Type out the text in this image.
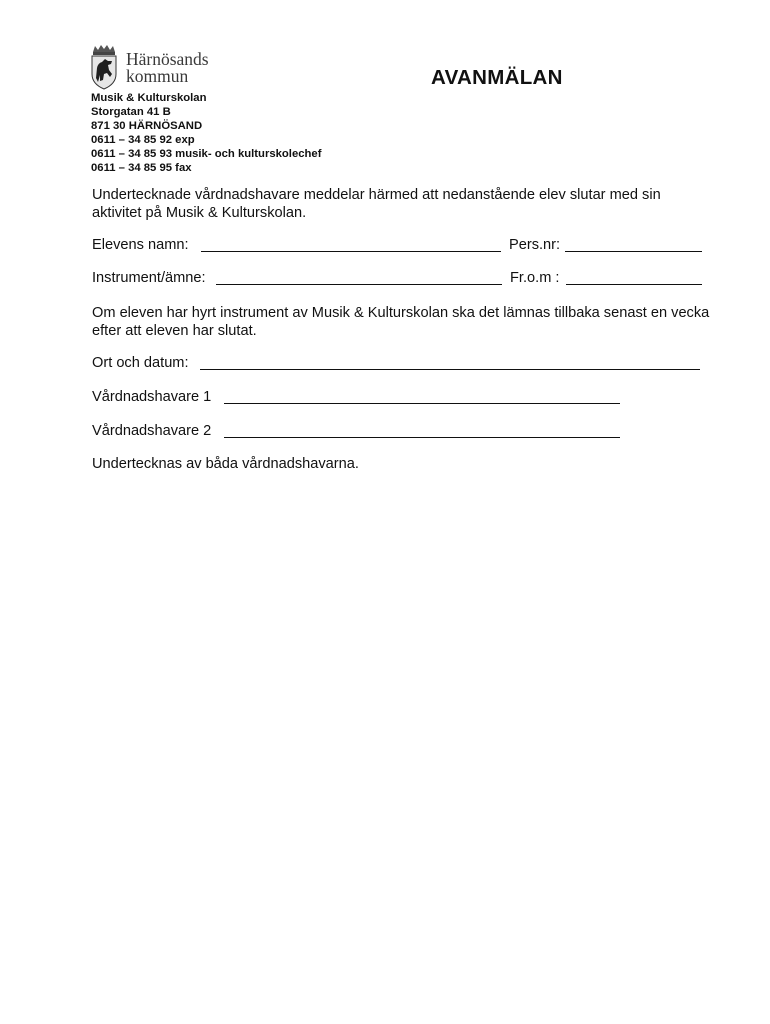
Härnösands
kommun	AVANMÄLAN
Musik & Kulturskolan
Storgatan 41 B
871 30 HÄRNÖSAND
0611 – 34 85 92 exp
0611 – 34 85 93 musik- och kulturskolechef
0611 – 34 85 95 fax
Undertecknade vårdnadshavare meddelar härmed att nedanstående elev slutar med sin aktivitet på Musik & Kulturskolan.
Elevens namn:	Pers.nr:
Instrument/ämne:	Fr.o.m :
Om eleven har hyrt instrument av Musik & Kulturskolan ska det lämnas tillbaka senast en vecka efter att eleven har slutat.
Ort och datum:
Vårdnadshavare 1
Vårdnadshavare 2
Undertecknas av båda vårdnadshavarna.
